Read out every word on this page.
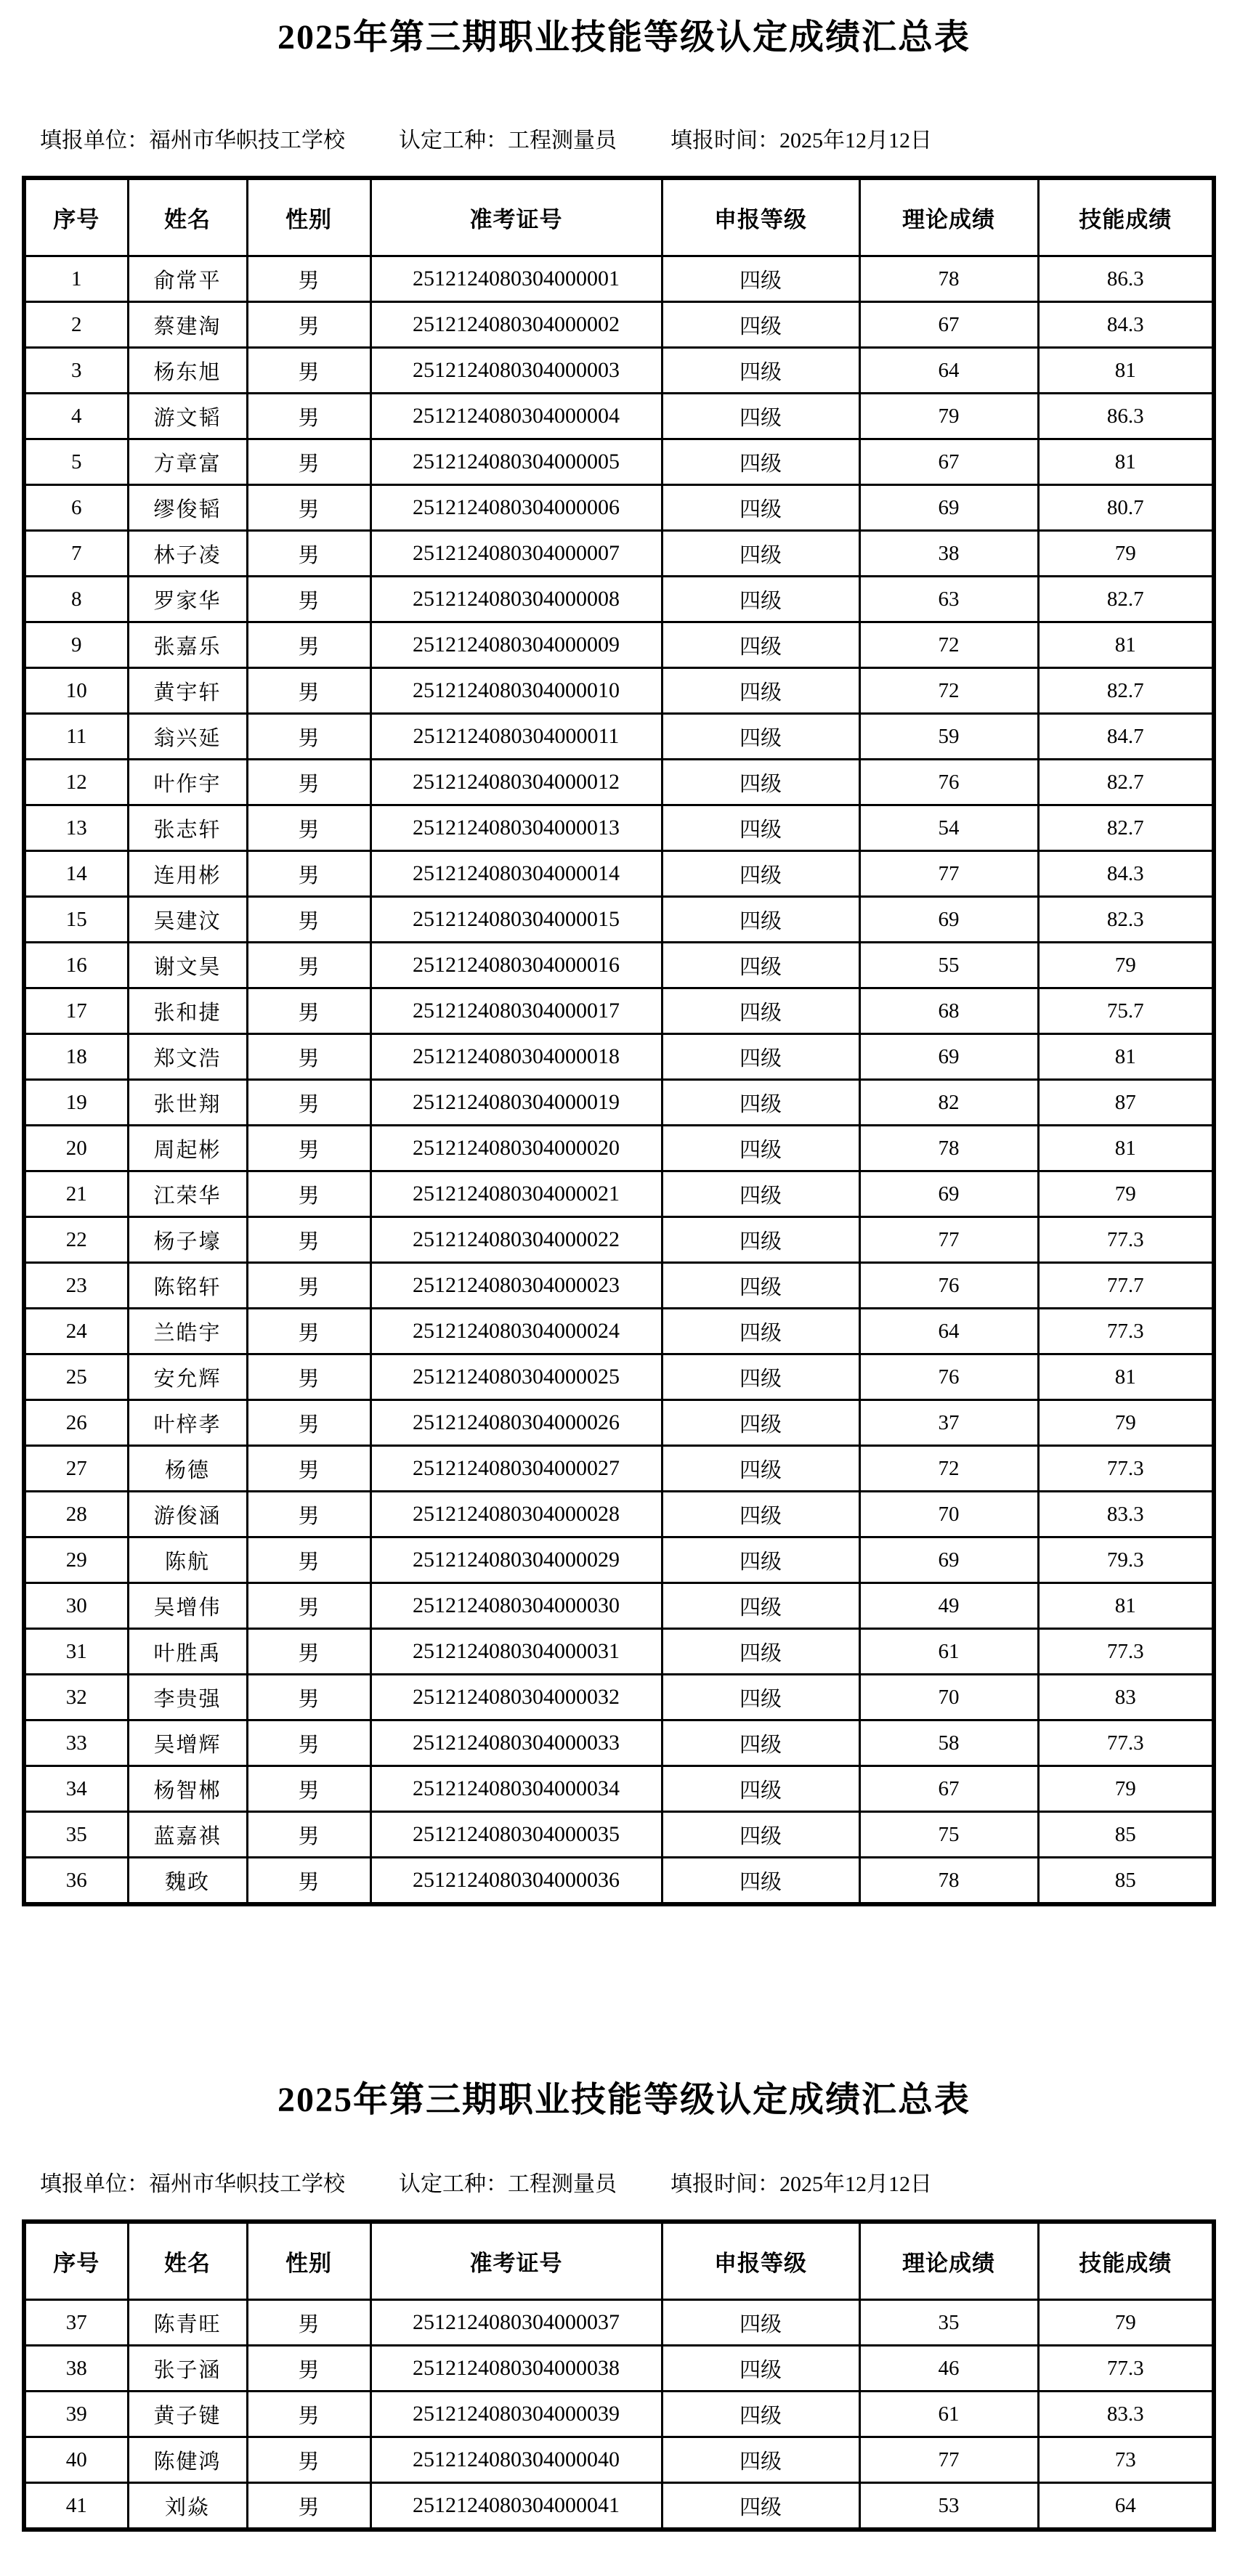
2025年第三期职业技能等级认定成绩汇总表
填报单位：福州市华帜技工学校 认定工种：工程测量员 填报时间：2025年12月12日
序号	姓名	性别	准考证号	申报等级	理论成绩	技能成绩
1	俞常平	男	2512124080304000001	四级	78	86.3
2	蔡建淘	男	2512124080304000002	四级	67	84.3
3	杨东旭	男	2512124080304000003	四级	64	81
4	游文韬	男	2512124080304000004	四级	79	86.3
5	方章富	男	2512124080304000005	四级	67	81
6	缪俊韬	男	2512124080304000006	四级	69	80.7
7	林子凌	男	2512124080304000007	四级	38	79
8	罗家华	男	2512124080304000008	四级	63	82.7
9	张嘉乐	男	2512124080304000009	四级	72	81
10	黄宇轩	男	2512124080304000010	四级	72	82.7
11	翁兴延	男	2512124080304000011	四级	59	84.7
12	叶作宇	男	2512124080304000012	四级	76	82.7
13	张志轩	男	2512124080304000013	四级	54	82.7
14	连用彬	男	2512124080304000014	四级	77	84.3
15	吴建汶	男	2512124080304000015	四级	69	82.3
16	谢文昊	男	2512124080304000016	四级	55	79
17	张和捷	男	2512124080304000017	四级	68	75.7
18	郑文浩	男	2512124080304000018	四级	69	81
19	张世翔	男	2512124080304000019	四级	82	87
20	周起彬	男	2512124080304000020	四级	78	81
21	江荣华	男	2512124080304000021	四级	69	79
22	杨子壕	男	2512124080304000022	四级	77	77.3
23	陈铭轩	男	2512124080304000023	四级	76	77.7
24	兰皓宇	男	2512124080304000024	四级	64	77.3
25	安允辉	男	2512124080304000025	四级	76	81
26	叶梓孝	男	2512124080304000026	四级	37	79
27	杨德	男	2512124080304000027	四级	72	77.3
28	游俊涵	男	2512124080304000028	四级	70	83.3
29	陈航	男	2512124080304000029	四级	69	79.3
30	吴增伟	男	2512124080304000030	四级	49	81
31	叶胜禹	男	2512124080304000031	四级	61	77.3
32	李贵强	男	2512124080304000032	四级	70	83
33	吴增辉	男	2512124080304000033	四级	58	77.3
34	杨智郴	男	2512124080304000034	四级	67	79
35	蓝嘉祺	男	2512124080304000035	四级	75	85
36	魏政	男	2512124080304000036	四级	78	85
2025年第三期职业技能等级认定成绩汇总表
填报单位：福州市华帜技工学校 认定工种：工程测量员 填报时间：2025年12月12日
序号	姓名	性别	准考证号	申报等级	理论成绩	技能成绩
37	陈青旺	男	2512124080304000037	四级	35	79
38	张子涵	男	2512124080304000038	四级	46	77.3
39	黄子键	男	2512124080304000039	四级	61	83.3
40	陈健鸿	男	2512124080304000040	四级	77	73
41	刘焱	男	2512124080304000041	四级	53	64
